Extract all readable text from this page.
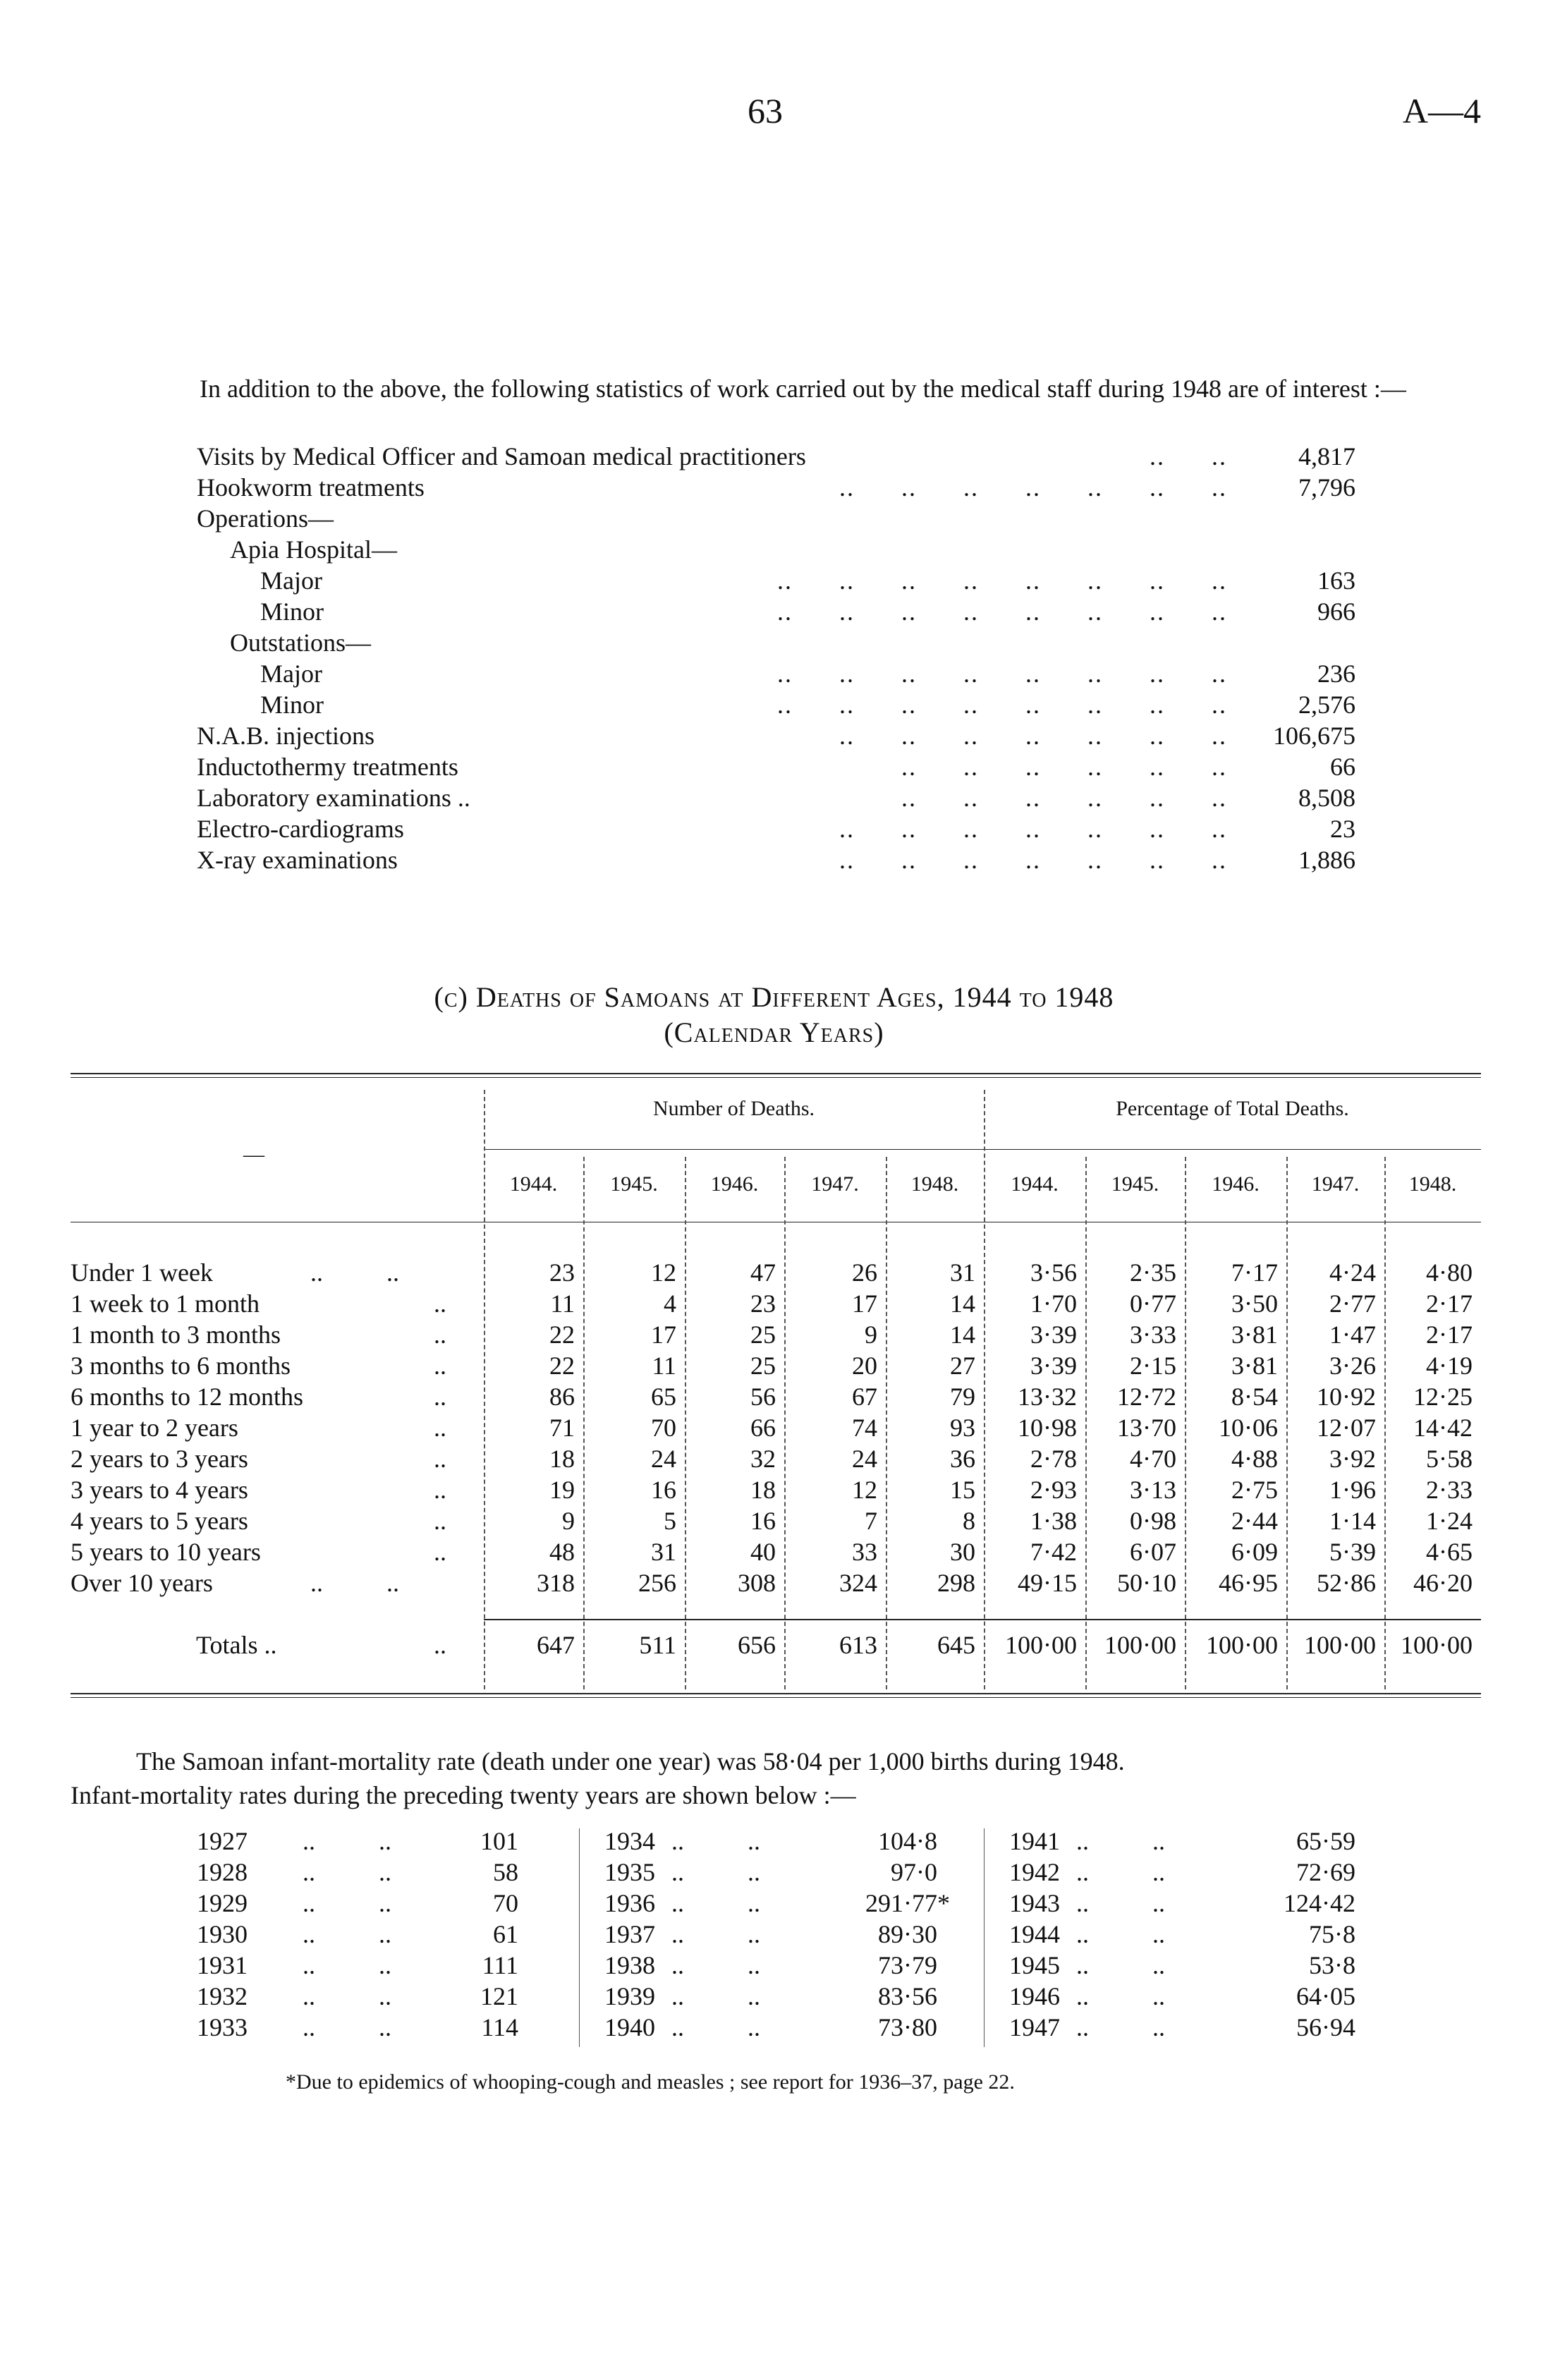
63	A—4
In addition to the above, the following statistics of work carried out by the medical staff during 1948 are of interest :—
Visits by Medical Officer and Samoan medical practitioners	..      ..	4,817
Hookworm treatments	..      ..      ..      ..      ..      ..      ..	7,796
Operations—
Apia Hospital—
Major	..      ..      ..      ..      ..      ..      ..      ..	163
Minor	..      ..      ..      ..      ..      ..      ..      ..	966
Outstations—
Major	..      ..      ..      ..      ..      ..      ..      ..	236
Minor	..      ..      ..      ..      ..      ..      ..      ..	2,576
N.A.B. injections	..      ..      ..      ..      ..      ..      .. 106,675
Inductothermy treatments	..      ..      ..      ..      ..      ..	66
Laboratory examinations ..	..      ..      ..      ..      ..      ..	8,508
Electro-cardiograms	..      ..      ..      ..      ..      ..      ..	23
X-ray examinations	..      ..      ..      ..      ..      ..      ..	1,886
(c) Deaths of Samoans at Different Ages, 1944 to 1948
(Calendar Years)
—
Number of Deaths.	Percentage of Total Deaths.
1944.	1945.	1946.	1947.	1948.	1944.	1945.	1946.	1947.	1948.
Under 1 week	..          ..	23	12	47	26	31	3·56	2·35	7·17	4·24	4·80
1 week to 1 month	..	11	4	23	17	14	1·70	0·77	3·50	2·77	2·17
1 month to 3 months	..	22	17	25	9	14	3·39	3·33	3·81	1·47	2·17
3 months to 6 months	..	22	11	25	20	27	3·39	2·15	3·81	3·26	4·19
6 months to 12 months	..	86	65	56	67	79	13·32	12·72	8·54	10·92	12·25
1 year to 2 years	..	71	70	66	74	93	10·98	13·70	10·06	12·07	14·42
2 years to 3 years	..	18	24	32	24	36	2·78	4·70	4·88	3·92	5·58
3 years to 4 years	..	19	16	18	12	15	2·93	3·13	2·75	1·96	2·33
4 years to 5 years	..	9	5	16	7	8	1·38	0·98	2·44	1·14	1·24
5 years to 10 years	..	48	31	40	33	30	7·42	6·07	6·09	5·39	4·65
Over 10 years	..          ..	318	256	308	324	298	49·15	50·10	46·95	52·86	46·20
Totals ..	..	647	511	656	613	645	100·00	100·00	100·00	100·00 100·00
The Samoan infant-mortality rate (death under one year) was 58·04 per 1,000 births during 1948.
Infant-mortality rates during the preceding twenty years are shown below :—
1927 ..          ..	101
1928 ..          ..	58
1929 ..          ..	70
1930 ..          ..	61
1931 ..          ..	111
1932 ..          ..	121
1933 ..          ..	114
1934 ..          ..	104·8
1935 ..          ..	97·0
1936 ..          ..	291·77*
1937 ..          ..	89·30
1938 ..          ..	73·79
1939 ..          ..	83·56
1940 ..          ..	73·80
1941 ..          ..	65·59
1942 ..          ..	72·69
1943 ..          ..	124·42
1944 ..          ..	75·8
1945 ..          ..	53·8
1946 ..          ..	64·05
1947 ..          ..	56·94
*Due to epidemics of whooping-cough and measles ; see report for 1936–37, page 22.
